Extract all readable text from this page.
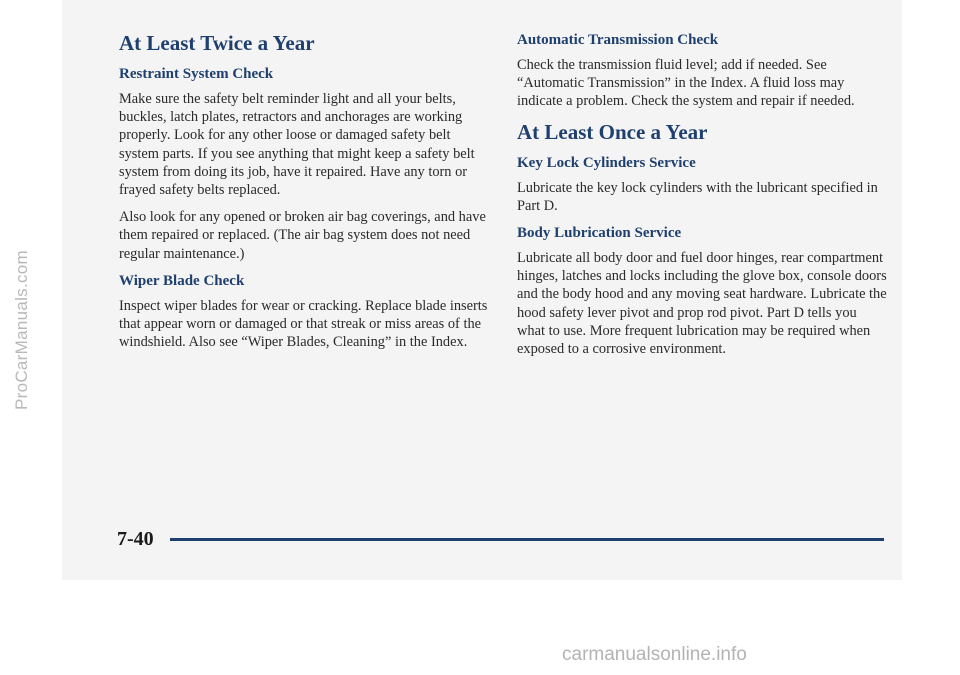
ProCarManuals.com
At Least Twice a Year
Restraint System Check

Make sure the safety belt reminder light and all your belts, buckles, latch plates, retractors and anchorages are working properly. Look for any other loose or damaged safety belt system parts. If you see anything that might keep a safety belt system from doing its job, have it repaired. Have any torn or frayed safety belts replaced.

Also look for any opened or broken air bag coverings, and have them repaired or replaced. (The air bag system does not need regular maintenance.)

Wiper Blade Check

Inspect wiper blades for wear or cracking. Replace blade inserts that appear worn or damaged or that streak or miss areas of the windshield. Also see “Wiper Blades, Cleaning” in the Index.

Automatic Transmission Check

Check the transmission fluid level; add if needed. See “Automatic Transmission” in the Index. A fluid loss may indicate a problem. Check the system and repair if needed.

At Least Once a Year
Key Lock Cylinders Service

Lubricate the key lock cylinders with the lubricant specified in Part D.

Body Lubrication Service

Lubricate all body door and fuel door hinges, rear compartment hinges, latches and locks including the glove box, console doors and the body hood and any moving seat hardware. Lubricate the hood safety lever pivot and prop rod pivot. Part D tells you what to use. More frequent lubrication may be required when exposed to a corrosive environment.

7-40
carmanualsonline.info
